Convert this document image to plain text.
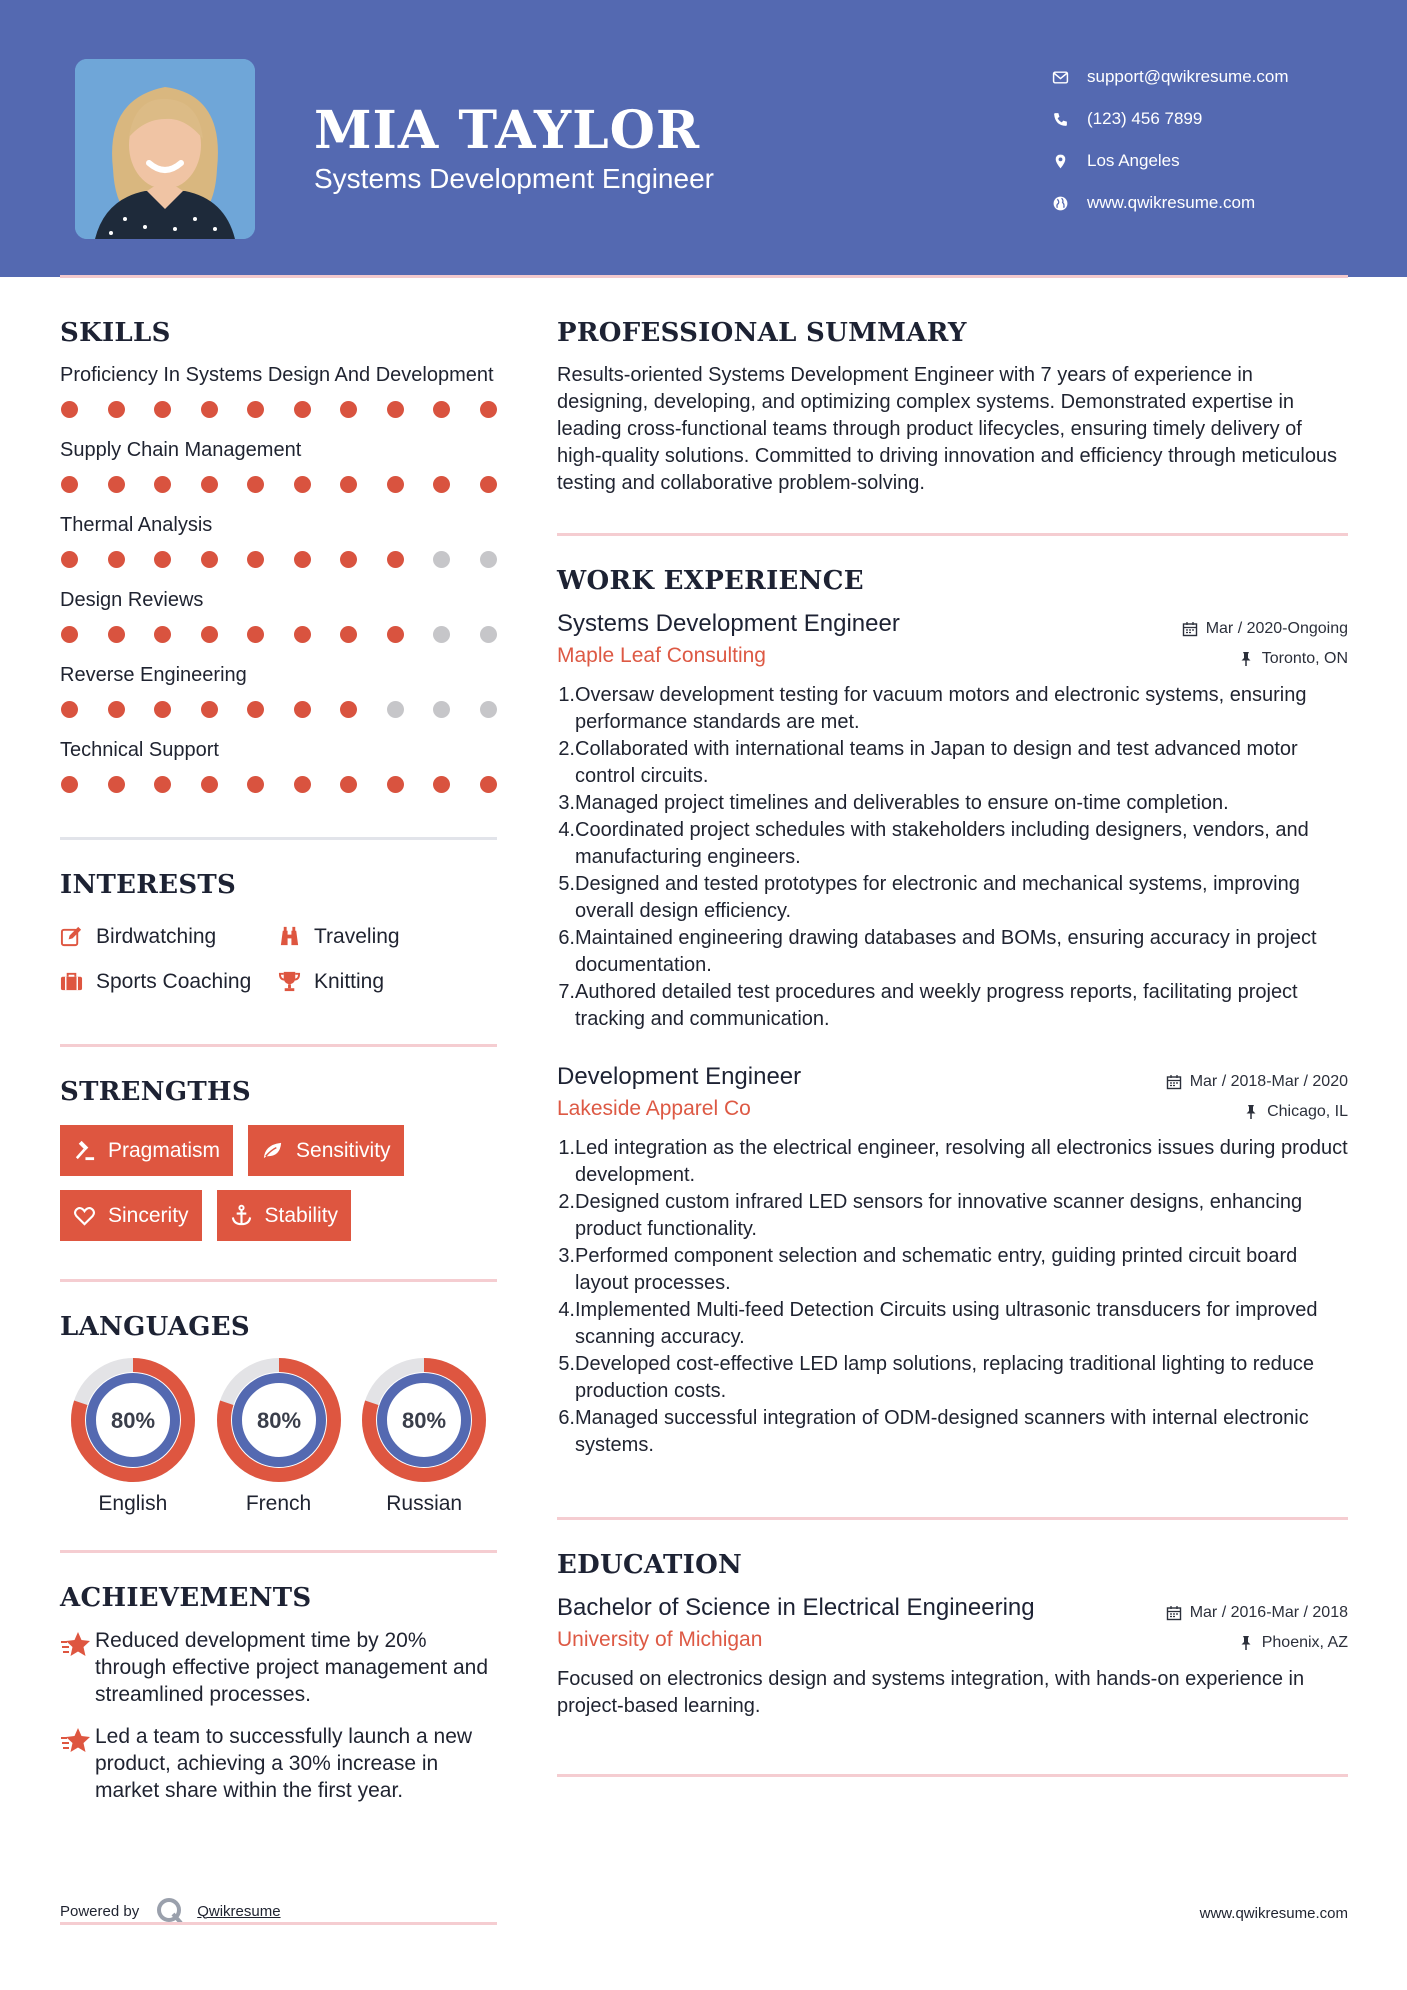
MIA TAYLOR
Systems Development Engineer
support@qwikresume.com
(123) 456 7899
Los Angeles
www.qwikresume.com
SKILLS
Proficiency In Systems Design And Development
Supply Chain Management
Thermal Analysis
Design Reviews
Reverse Engineering
Technical Support
INTERESTS
Birdwatching	Traveling
Sports Coaching	Knitting
STRENGTHS
Pragmatism	Sensitivity
Sincerity	Stability
LANGUAGES
80%
English
80%
French
80%
Russian
ACHIEVEMENTS
Reduced development time by 20% through effective project management and streamlined processes.
Led a team to successfully launch a new product, achieving a 30% increase in market share within the first year.
PROFESSIONAL SUMMARY

Results-oriented Systems Development Engineer with 7 years of experience in designing, developing, and optimizing complex systems. Demonstrated expertise in leading cross-functional teams through product lifecycles, ensuring timely delivery of high-quality solutions. Committed to driving innovation and efficiency through meticulous testing and collaborative problem-solving.

WORK EXPERIENCE
Systems Development Engineer	Mar / 2020-Ongoing
Maple Leaf Consulting	Toronto, ON
1. Oversaw development testing for vacuum motors and electronic systems, ensuring performance standards are met.
2. Collaborated with international teams in Japan to design and test advanced motor control circuits.
3. Managed project timelines and deliverables to ensure on-time completion.
4. Coordinated project schedules with stakeholders including designers, vendors, and manufacturing engineers.
5. Designed and tested prototypes for electronic and mechanical systems, improving overall design efficiency.
6. Maintained engineering drawing databases and BOMs, ensuring accuracy in project documentation.
7. Authored detailed test procedures and weekly progress reports, facilitating project tracking and communication.
Development Engineer	Mar / 2018-Mar / 2020
Lakeside Apparel Co	Chicago, IL
1. Led integration as the electrical engineer, resolving all electronics issues during product development.
2. Designed custom infrared LED sensors for innovative scanner designs, enhancing product functionality.
3. Performed component selection and schematic entry, guiding printed circuit board layout processes.
4. Implemented Multi-feed Detection Circuits using ultrasonic transducers for improved scanning accuracy.
5. Developed cost-effective LED lamp solutions, replacing traditional lighting to reduce production costs.
6. Managed successful integration of ODM-designed scanners with internal electronic systems.
EDUCATION
Bachelor of Science in Electrical Engineering	Mar / 2016-Mar / 2018
University of Michigan	Phoenix, AZ

Focused on electronics design and systems integration, with hands-on experience in project-based learning.

Powered by	Qwikresume	www.qwikresume.com
